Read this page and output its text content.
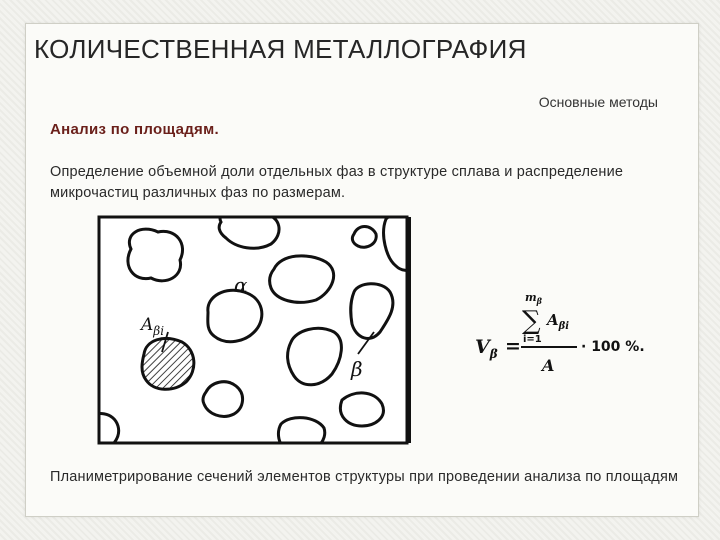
КОЛИЧЕСТВЕННАЯ МЕТАЛЛОГРАФИЯ
Основные методы
Анализ по площадям.
Определение объемной доли отдельных фаз в структуре сплава и распределение микрочастиц различных фаз по размерам.
α
β
$A_{\beta i}$
$V_\beta$ =
$m_\beta$
∑
i=1
$A_{\beta i}$
A
· 100 %.
Планиметрирование сечений элементов структуры при проведении анализа по площадям
